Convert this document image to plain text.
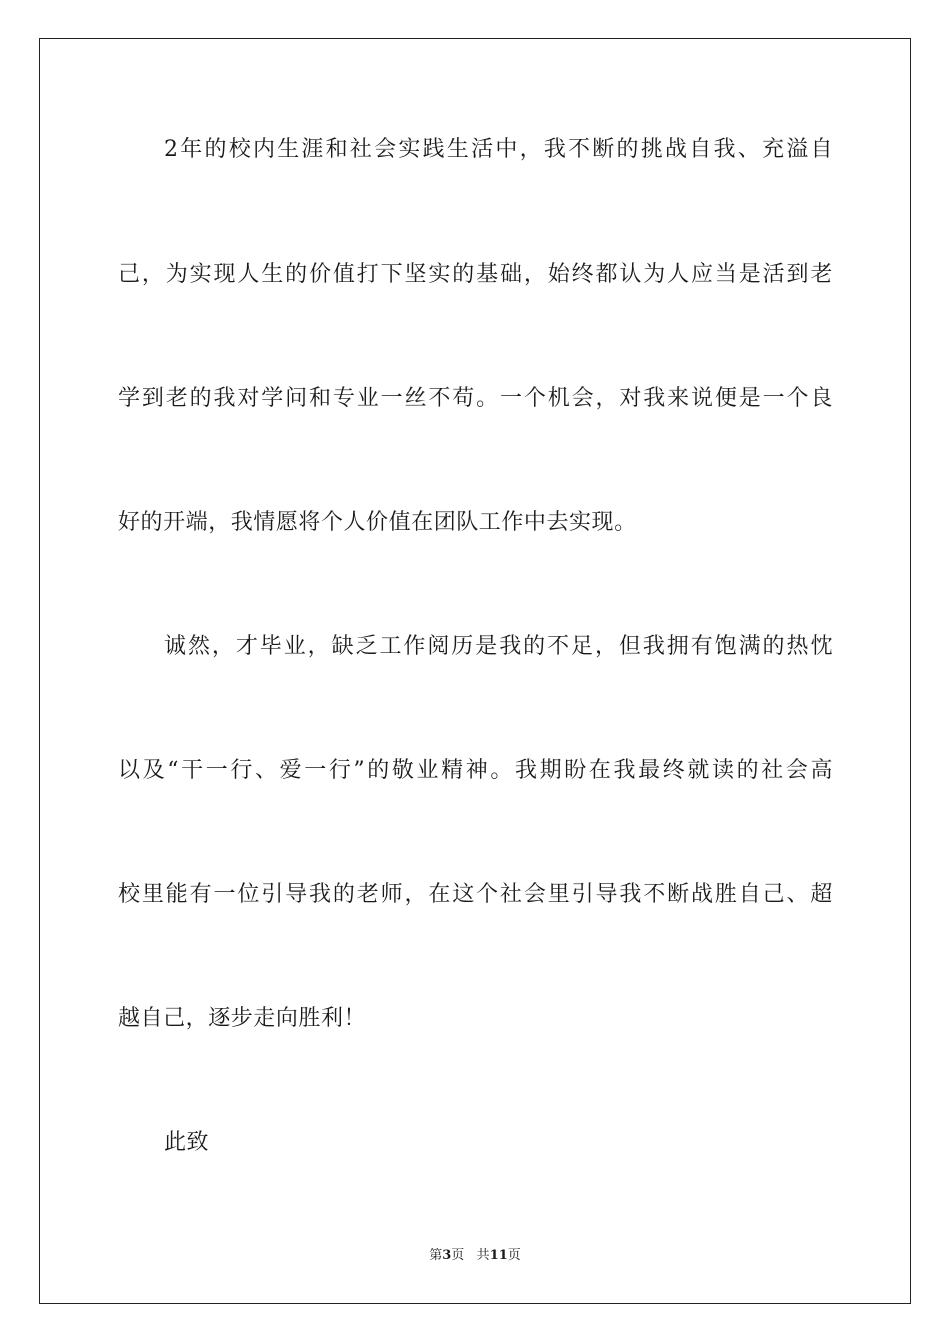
2年的校内生涯和社会实践生活中，我不断的挑战自我、充溢自
己，为实现人生的价值打下坚实的基础，始终都认为人应当是活到老
学到老的我对学问和专业一丝不苟。一个机会，对我来说便是一个良
好的开端，我情愿将个人价值在团队工作中去实现。
诚然，才毕业，缺乏工作阅历是我的不足，但我拥有饱满的热忱
以及“干一行、爱一行”的敬业精神。我期盼在我最终就读的社会高
校里能有一位引导我的老师，在这个社会里引导我不断战胜自己、超
越自己，逐步走向胜利！
此致
第3页 共11页
